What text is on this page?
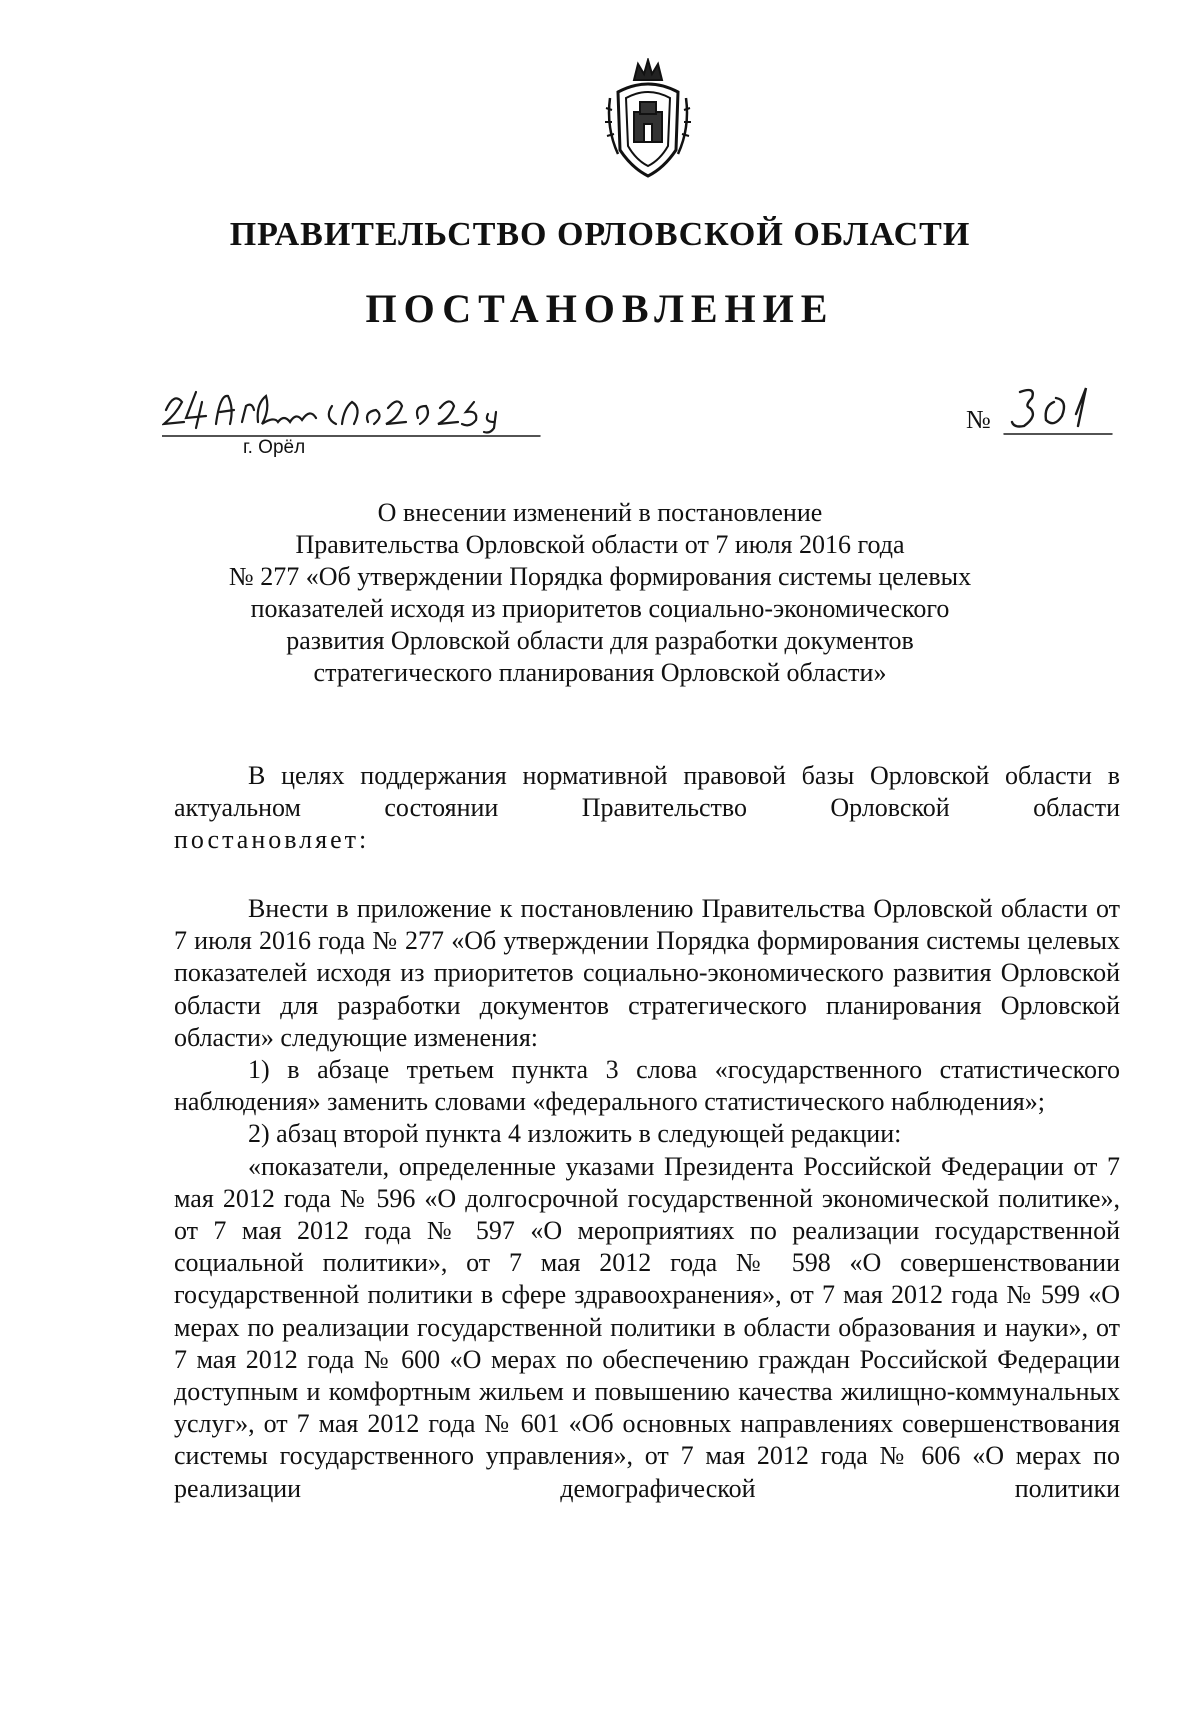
ПРАВИТЕЛЬСТВО ОРЛОВСКОЙ ОБЛАСТИ
ПОСТАНОВЛЕНИЕ
г. Орёл
№
О внесении изменений в постановление
Правительства Орловской области от 7 июля 2016 года
№ 277 «Об утверждении Порядка формирования системы целевых
показателей исходя из приоритетов социально-экономического
развития Орловской области для разработки документов
стратегического планирования Орловской области»

В целях поддержания нормативной правовой базы Орловской области в актуальном состоянии Правительство Орловской области

постановляет:

Внести в приложение к постановлению Правительства Орловской области от 7 июля 2016 года № 277 «Об утверждении Порядка формирования системы целевых показателей исходя из приоритетов социально-экономического развития Орловской области для разработки документов стратегического планирования Орловской области» следующие изменения:

1) в абзаце третьем пункта 3 слова «государственного статистического наблюдения» заменить словами «федерального статистического наблюдения»;

2) абзац второй пункта 4 изложить в следующей редакции:

«показатели, определенные указами Президента Российской Федерации от 7 мая 2012 года № 596 «О долгосрочной государственной экономической политике», от 7 мая 2012 года № 597 «О мероприятиях по реализации государственной социальной политики», от 7 мая 2012 года № 598 «О совершенствовании государственной политики в сфере здравоохранения», от 7 мая 2012 года № 599 «О мерах по реализации государственной политики в области образования и науки», от 7 мая 2012 года № 600 «О мерах по обеспечению граждан Российской Федерации доступным и комфортным жильем и повышению качества жилищно-коммунальных услуг», от 7 мая 2012 года № 601 «Об основных направлениях совершенствования системы государственного управления», от 7 мая 2012 года № 606 «О мерах по реализации демографической политики
